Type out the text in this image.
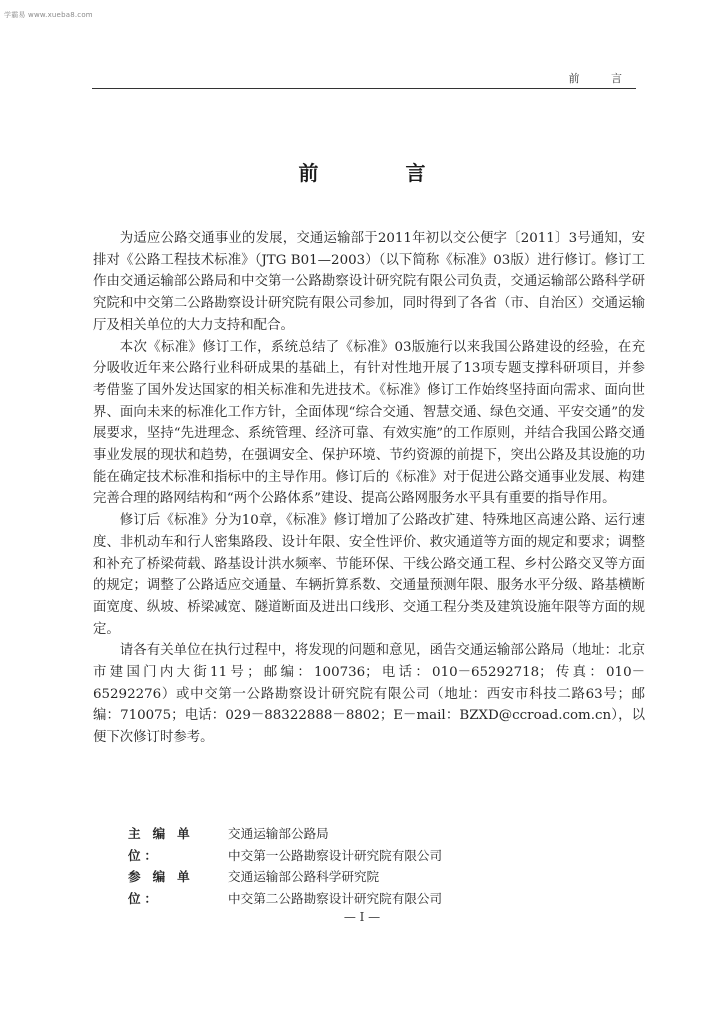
学霸易 www.xueba8.com
前 言
前 言

为适应公路交通事业的发展，交通运输部于2011年初以交公便字〔2011〕3号通知，安排对《公路工程技术标准》（JTG B01—2003）（以下简称《标准》03版）进行修订。修订工作由交通运输部公路局和中交第一公路勘察设计研究院有限公司负责，交通运输部公路科学研究院和中交第二公路勘察设计研究院有限公司参加，同时得到了各省（市、自治区）交通运输厅及相关单位的大力支持和配合。

本次《标准》修订工作，系统总结了《标准》03版施行以来我国公路建设的经验，在充分吸收近年来公路行业科研成果的基础上，有针对性地开展了13项专题支撑科研项目，并参考借鉴了国外发达国家的相关标准和先进技术。《标准》修订工作始终坚持面向需求、面向世界、面向未来的标准化工作方针，全面体现“综合交通、智慧交通、绿色交通、平安交通”的发展要求，坚持“先进理念、系统管理、经济可靠、有效实施”的工作原则，并结合我国公路交通事业发展的现状和趋势，在强调安全、保护环境、节约资源的前提下，突出公路及其设施的功能在确定技术标准和指标中的主导作用。修订后的《标准》对于促进公路交通事业发展、构建完善合理的路网结构和“两个公路体系”建设、提高公路网服务水平具有重要的指导作用。

修订后《标准》分为10章，《标准》修订增加了公路改扩建、特殊地区高速公路、运行速度、非机动车和行人密集路段、设计年限、安全性评价、救灾通道等方面的规定和要求；调整和补充了桥梁荷载、路基设计洪水频率、节能环保、干线公路交通工程、乡村公路交叉等方面的规定；调整了公路适应交通量、车辆折算系数、交通量预测年限、服务水平分级、路基横断面宽度、纵坡、桥梁减宽、隧道断面及进出口线形、交通工程分类及建筑设施年限等方面的规定。

请各有关单位在执行过程中，将发现的问题和意见，函告交通运输部公路局（地址：北京市建国门内大街11号；邮编：100736；电话：010－65292718；传真：010－65292276）或中交第一公路勘察设计研究院有限公司（地址：西安市科技二路63号；邮编：710075；电话：029－88322888－8802；E－mail：BZXD@ccroad.com.cn），以便下次修订时参考。

主 编 单 位：
交通运输部公路局
中交第一公路勘察设计研究院有限公司
参 编 单 位：
交通运输部公路科学研究院
中交第二公路勘察设计研究院有限公司
— Ⅰ —
